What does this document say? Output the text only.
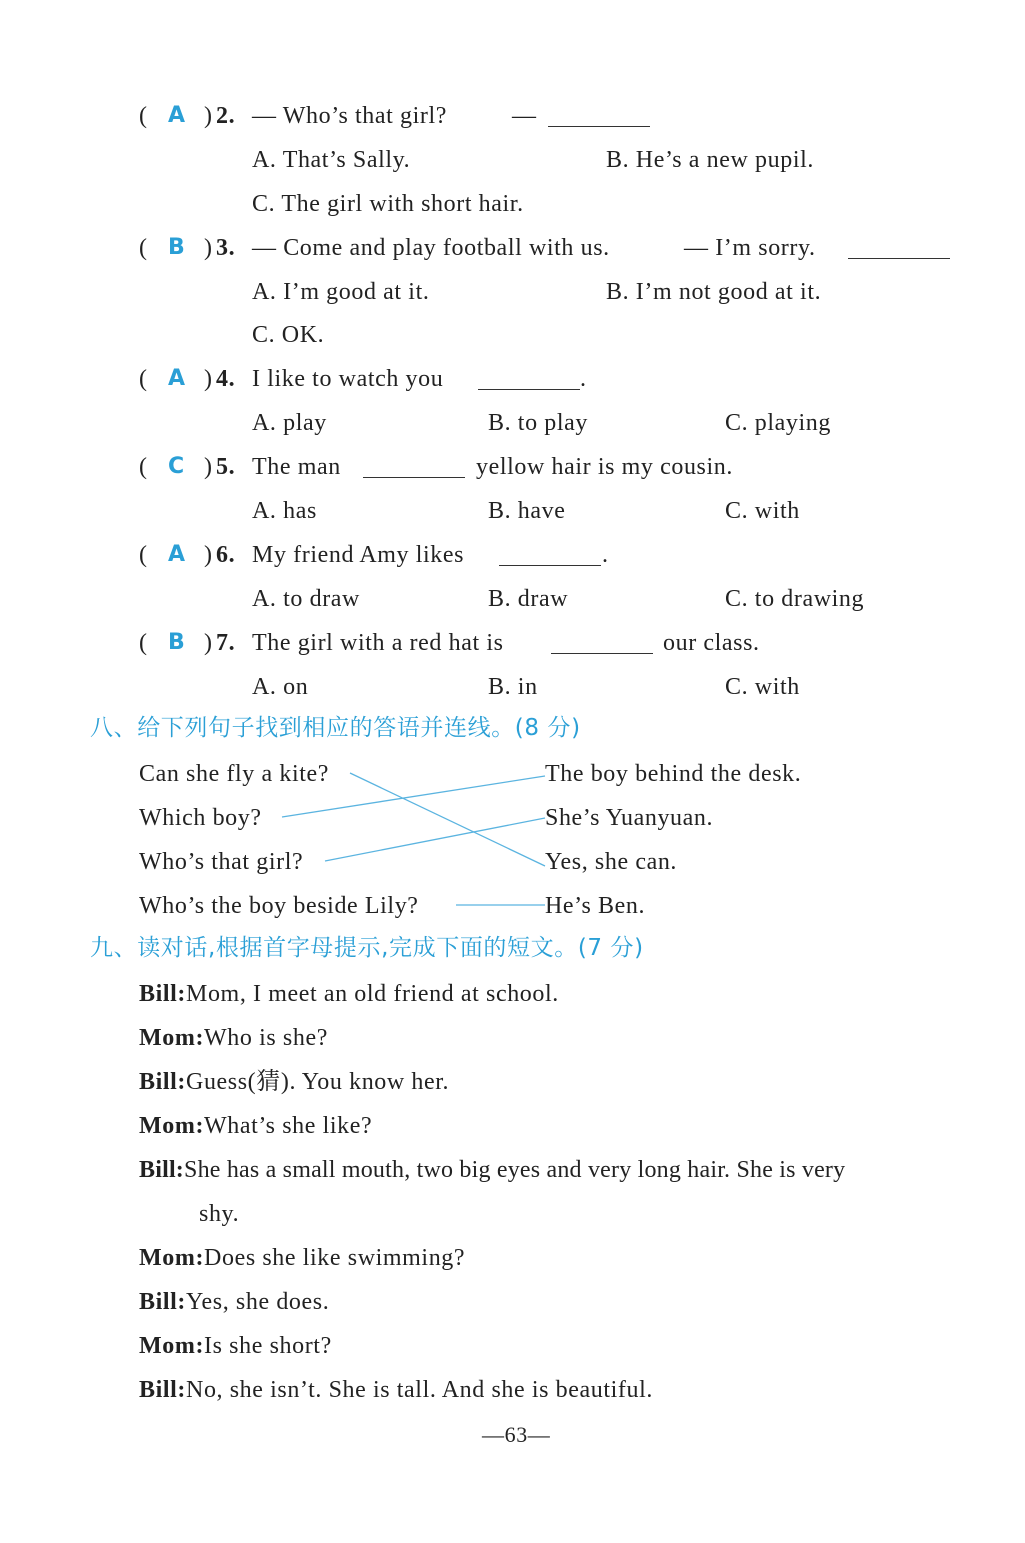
( A ) 2. — Who’s that girl?	—
A. That’s Sally.	B. He’s a new pupil.
C. The girl with short hair.
( B ) 3. — Come and play football with us.	— I’m sorry.
A. I’m good at it.	B. I’m not good at it.
C. OK.
( A ) 4. I like to watch you	.
A. play	B. to play	C. playing
( C ) 5. The man	yellow hair is my cousin.
A. has	B. have	C. with
( A ) 6. My friend Amy likes	.
A. to draw	B. draw	C. to drawing
( B ) 7. The girl with a red hat is	our class.
A. on	B. in	C. with
八、给下列句子找到相应的答语并连线。(8 分)
Can she fly a kite?
Which boy?
Who’s that girl?
Who’s the boy beside Lily?
The boy behind the desk.
She’s Yuanyuan.
Yes, she can.
He’s Ben.
九、读对话,根据首字母提示,完成下面的短文。(7 分)
Bill:Mom, I meet an old friend at school.
Mom:Who is she?
Bill:Guess(猜). You know her.
Mom:What’s she like?
Bill:She has a small mouth, two big eyes and very long hair. She is very
shy.
Mom:Does she like swimming?
Bill:Yes, she does.
Mom:Is she short?
Bill:No, she isn’t. She is tall. And she is beautiful.
—63—
